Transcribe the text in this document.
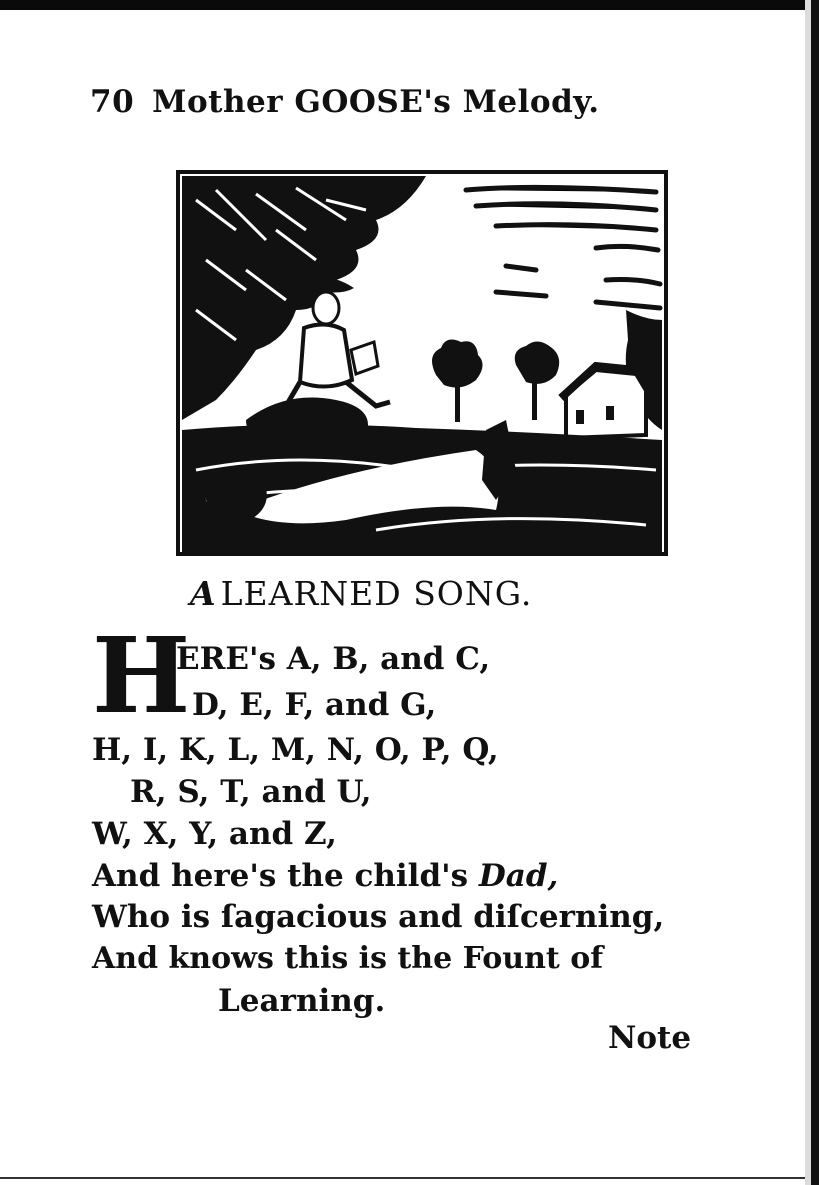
70 Mother GOOSE's Melody.
A LEARNED SONG.
H
ERE's A, B, and C,
D, E, F, and G,
H, I, K, L, M, N, O, P, Q,
R, S, T, and U,
W, X, Y, and Z,
And here's the child's Dad,
Who is ſagacious and diſcerning,
And knows this is the Fount of
Learning.
Note
